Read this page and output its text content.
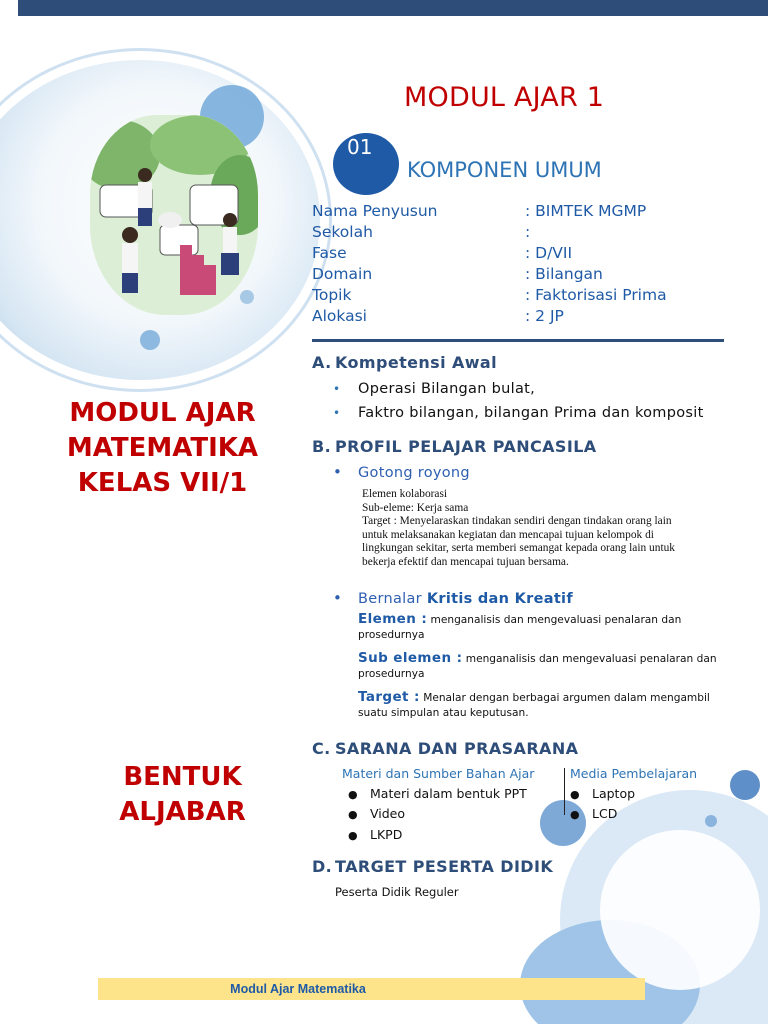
MODUL AJAR 1
01
KOMPONEN UMUM
Nama Penyusun	: BIMTEK MGMP
Sekolah	:
Fase	: D/VII
Domain	: Bilangan
Topik	: Faktorisasi Prima
Alokasi	: 2 JP
MODUL AJAR
MATEMATIKA
KELAS VII/1
BENTUK
ALJABAR
A. Kompetensi Awal
• Operasi Bilangan bulat,
• Faktro bilangan, bilangan Prima dan komposit
B. PROFIL PELAJAR PANCASILA
• Gotong royong
Elemen kolaborasi
Sub-eleme: Kerja sama
Target : Menyelaraskan tindakan sendiri dengan tindakan orang lain
untuk melaksanakan kegiatan dan mencapai tujuan kelompok di
lingkungan sekitar, serta memberi semangat kepada orang lain untuk
bekerja efektif dan mencapai tujuan bersama.
• Bernalar Kritis dan Kreatif
Elemen : menganalisis dan mengevaluasi penalaran dan prosedurnya
Sub elemen : menganalisis dan mengevaluasi penalaran dan prosedurnya
Target : Menalar dengan berbagai argumen dalam mengambil suatu simpulan atau keputusan.
C. SARANA DAN PRASARANA
Materi dan Sumber Bahan Ajar	Media Pembelajaran
● Materi dalam bentuk PPT
● Video
● LKPD
● Laptop
● LCD
D. TARGET PESERTA DIDIK
Peserta Didik Reguler
Modul Ajar Matematika
